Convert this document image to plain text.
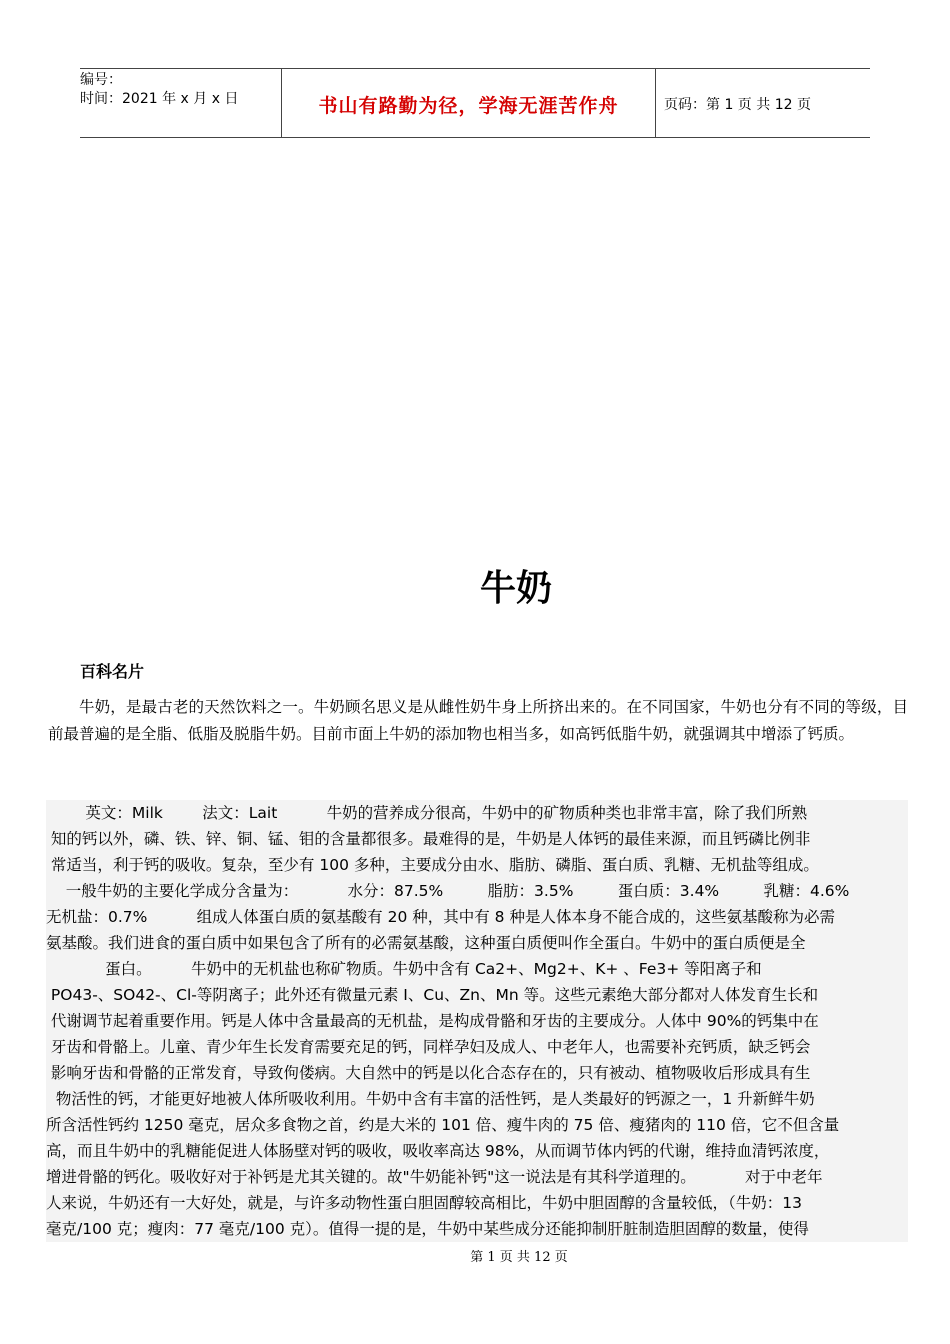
编号：
时间：2021 年 x 月 x 日	书山有路勤为径，学海无涯苦作舟	页码：第 1 页 共 12 页
牛奶
百科名片

牛奶，是最古老的天然饮料之一。牛奶顾名思义是从雌性奶牛身上所挤出来的。在不同国家，牛奶也分有不同的等级，目前最普遍的是全脂、低脂及脱脂牛奶。目前市面上牛奶的添加物也相当多，如高钙低脂牛奶，就强调其中增添了钙质。

英文：Milk        法文：Lait          牛奶的营养成分很高，牛奶中的矿物质种类也非常丰富，除了我们所熟
知的钙以外，磷、铁、锌、铜、锰、钼的含量都很多。最难得的是，牛奶是人体钙的最佳来源，而且钙磷比例非
常适当，利于钙的吸收。复杂，至少有 100 多种，主要成分由水、脂肪、磷脂、蛋白质、乳糖、无机盐等组成。
一般牛奶的主要化学成分含量为：          水分：87.5%         脂肪：3.5%         蛋白质：3.4%         乳糖：4.6%
无机盐：0.7%          组成人体蛋白质的氨基酸有 20 种，其中有 8 种是人体本身不能合成的，这些氨基酸称为必需
氨基酸。我们进食的蛋白质中如果包含了所有的必需氨基酸，这种蛋白质便叫作全蛋白。牛奶中的蛋白质便是全
蛋白。        牛奶中的无机盐也称矿物质。牛奶中含有 Ca2+、Mg2+、K+ 、Fe3+ 等阳离子和
PO43-、SO42-、Cl-等阴离子；此外还有微量元素 I、Cu、Zn、Mn 等。这些元素绝大部分都对人体发育生长和
代谢调节起着重要作用。钙是人体中含量最高的无机盐，是构成骨骼和牙齿的主要成分。人体中 90%的钙集中在
牙齿和骨骼上。儿童、青少年生长发育需要充足的钙，同样孕妇及成人、中老年人，也需要补充钙质，缺乏钙会
影响牙齿和骨骼的正常发育，导致佝偻病。大自然中的钙是以化合态存在的，只有被动、植物吸收后形成具有生
物活性的钙，才能更好地被人体所吸收利用。牛奶中含有丰富的活性钙，是人类最好的钙源之一，1 升新鲜牛奶
所含活性钙约 1250 毫克，居众多食物之首，约是大米的 101 倍、瘦牛肉的 75 倍、瘦猪肉的 110 倍，它不但含量
高，而且牛奶中的乳糖能促进人体肠壁对钙的吸收，吸收率高达 98%，从而调节体内钙的代谢，维持血清钙浓度，
增进骨骼的钙化。吸收好对于补钙是尤其关键的。故"牛奶能补钙"这一说法是有其科学道理的。          对于中老年
人来说，牛奶还有一大好处，就是，与许多动物性蛋白胆固醇较高相比，牛奶中胆固醇的含量较低，（牛奶：13
毫克/100 克；瘦肉：77 毫克/100 克）。值得一提的是，牛奶中某些成分还能抑制肝脏制造胆固醇的数量，使得
第 1 页 共 12 页
